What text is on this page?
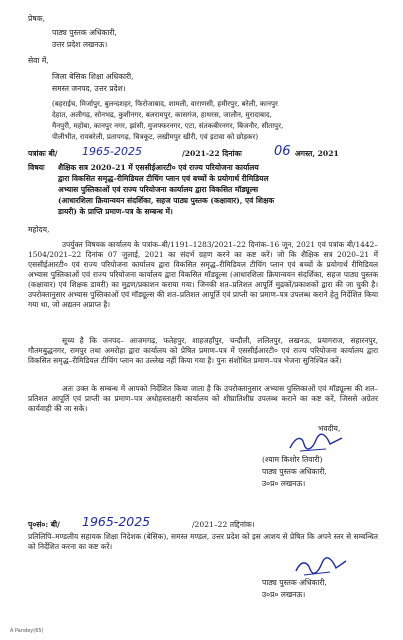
प्रेषक,
पाठ्य पुस्तक अधिकारी,
उत्तर प्रदेश लखनऊ।
सेवा में,
जिला बेसिक शिक्षा अधिकारी,
समस्त जनपद, उत्तर प्रदेश।
(बहराईच, मिर्जापुर, बुलन्दशहर, फिरोजाबाद, शामली, वाराणसी, हमीरपुर, बरेली, कानपुर
देहात, अलीगढ़, सोनभद्र, कुशीनगर, बलरामपुर, कासगंज, हाथरस, जालौन, मुरादाबाद,
मैनपुरी, महोबा, कानपुर नगर, झांसी, मुजफ्फरनगर, एटा, संतकबीरनगर, बिजनौर, सीतापुर,
पीलीभीत, रायबरेली, प्रतापगढ़, चित्रकूट, लखीमपुर खीरी, एवं इटावा को छोड़कर)
पत्रांकः बी/ 1965-2025	/2021-22 दिनांकः 06 अगस्त, 2021
विषयः शैक्षिक सत्र 2020–21 में एससीईआरटी० एवं राज्य परियोजना कार्यालय
द्वारा विकसित समृद्ध–रीमिडियल टीचिंग प्लान एवं बच्चों के प्रयोगार्थ रीमिडियल
अभ्यास पुस्तिकाओं एवं राज्य परियोजना कार्यालय द्वारा विकसित मॉड्यूल्स
(आधारशिला क्रियान्वयन संदर्शिका, सहज पाठ्य पुस्तक (कक्षावार), एवं शिक्षक
डायरी) के प्राप्ति प्रमाण–पत्र के सम्बन्ध में।
महोदय,
उपर्युक्त विषयक कार्यालय के पत्रांक–बी/1191–1283/2021–22 दिनांक–16 जून, 2021 एवं पत्रांक बी/1442–1504/2021–22 दिनांक 07 जुलाई, 2021 का संदर्भ ग्रहण करने का कष्ट करें। जो कि शैक्षिक सत्र 2020–21 में एससीईआरटी० एवं राज्य परियोजना कार्यालय द्वारा विकसित समृद्ध–रीमिडियल टीचिंग प्लान एवं बच्चों के प्रयोगार्थ रीमिडियल अभ्यास पुस्तिकाओं एवं राज्य परियोजना कार्यालय द्वारा विकसित मॉड्यूल्स (आधारशिला क्रियान्वयन संदर्शिका, सहज पाठ्य पुस्तक (कक्षावार) एवं शिक्षक डायरी) का मुद्रण/प्रकाशन कराया गया। जिनकी शत–प्रतिशत आपूर्ति मुद्रकों/प्रकाशकों द्वारा की जा चुकी है। उपरोक्तानुसार अभ्यास पुस्तिकाओं एवं मॉड्यूल्स की शत–प्रतिशत आपूर्ति एवं प्राप्ती का प्रमाण–पत्र उपलब्ध कराने हेतु निर्देशित किया गया था, जो अद्यतन अप्राप्त है।
सूच्य है कि जनपद– आजमगढ़, फतेहपुर, शाहजहाँपुर, चन्दौली, ललितपुर, लखनऊ, प्रयागराज, सहारनपुर, गौतमबुद्धनगर, रामपुर तथा अमरोहा द्वारा कार्यालय को प्रेषित प्रमाण–पत्र में एससीईआरटी० एवं राज्य परियोजना कार्यालय द्वारा विकसित समृद्ध–रीमिडियल टीचिंग प्लान का उल्लेख नहीं किया गया है। पुनः संशोधित प्रमाण–पत्र भेजना सुनिश्चित करें।
अतः उक्त के सम्बन्ध में आपको निर्देशित किया जाता है कि उपरोक्तानुसार अभ्यास पुस्तिकाओं एवं मॉड्यूल्स की शत–प्रतिशत आपूर्ति एवं प्राप्ती का प्रमाण–पत्र अधोहस्ताक्षरी कार्यालय को शीघ्रातिशीघ्र उपलब्ध कराने का कष्ट करें, जिससे अग्रेतर कार्यवाही की जा सके।
भवदीय,
(श्याम किशोर तिवारी)
पाठ्य पुस्तक अधिकारी,
उ०प्र० लखनऊ।
पृ०सं०: बी/ 1965-2025	/2021–22 तद्दिनांक।
प्रतिलिपि–मण्डलीय सहायक शिक्षा निदेशक (बेसिक), समस्त मण्डल, उत्तर प्रदेश को इस आशय से प्रेषित कि अपने स्तर से सम्बन्धित को निर्देशित करना का कष्ट करें।
पाठ्य पुस्तक अधिकारी,
उ०प्र० लखनऊ।
A Pandey(65)
